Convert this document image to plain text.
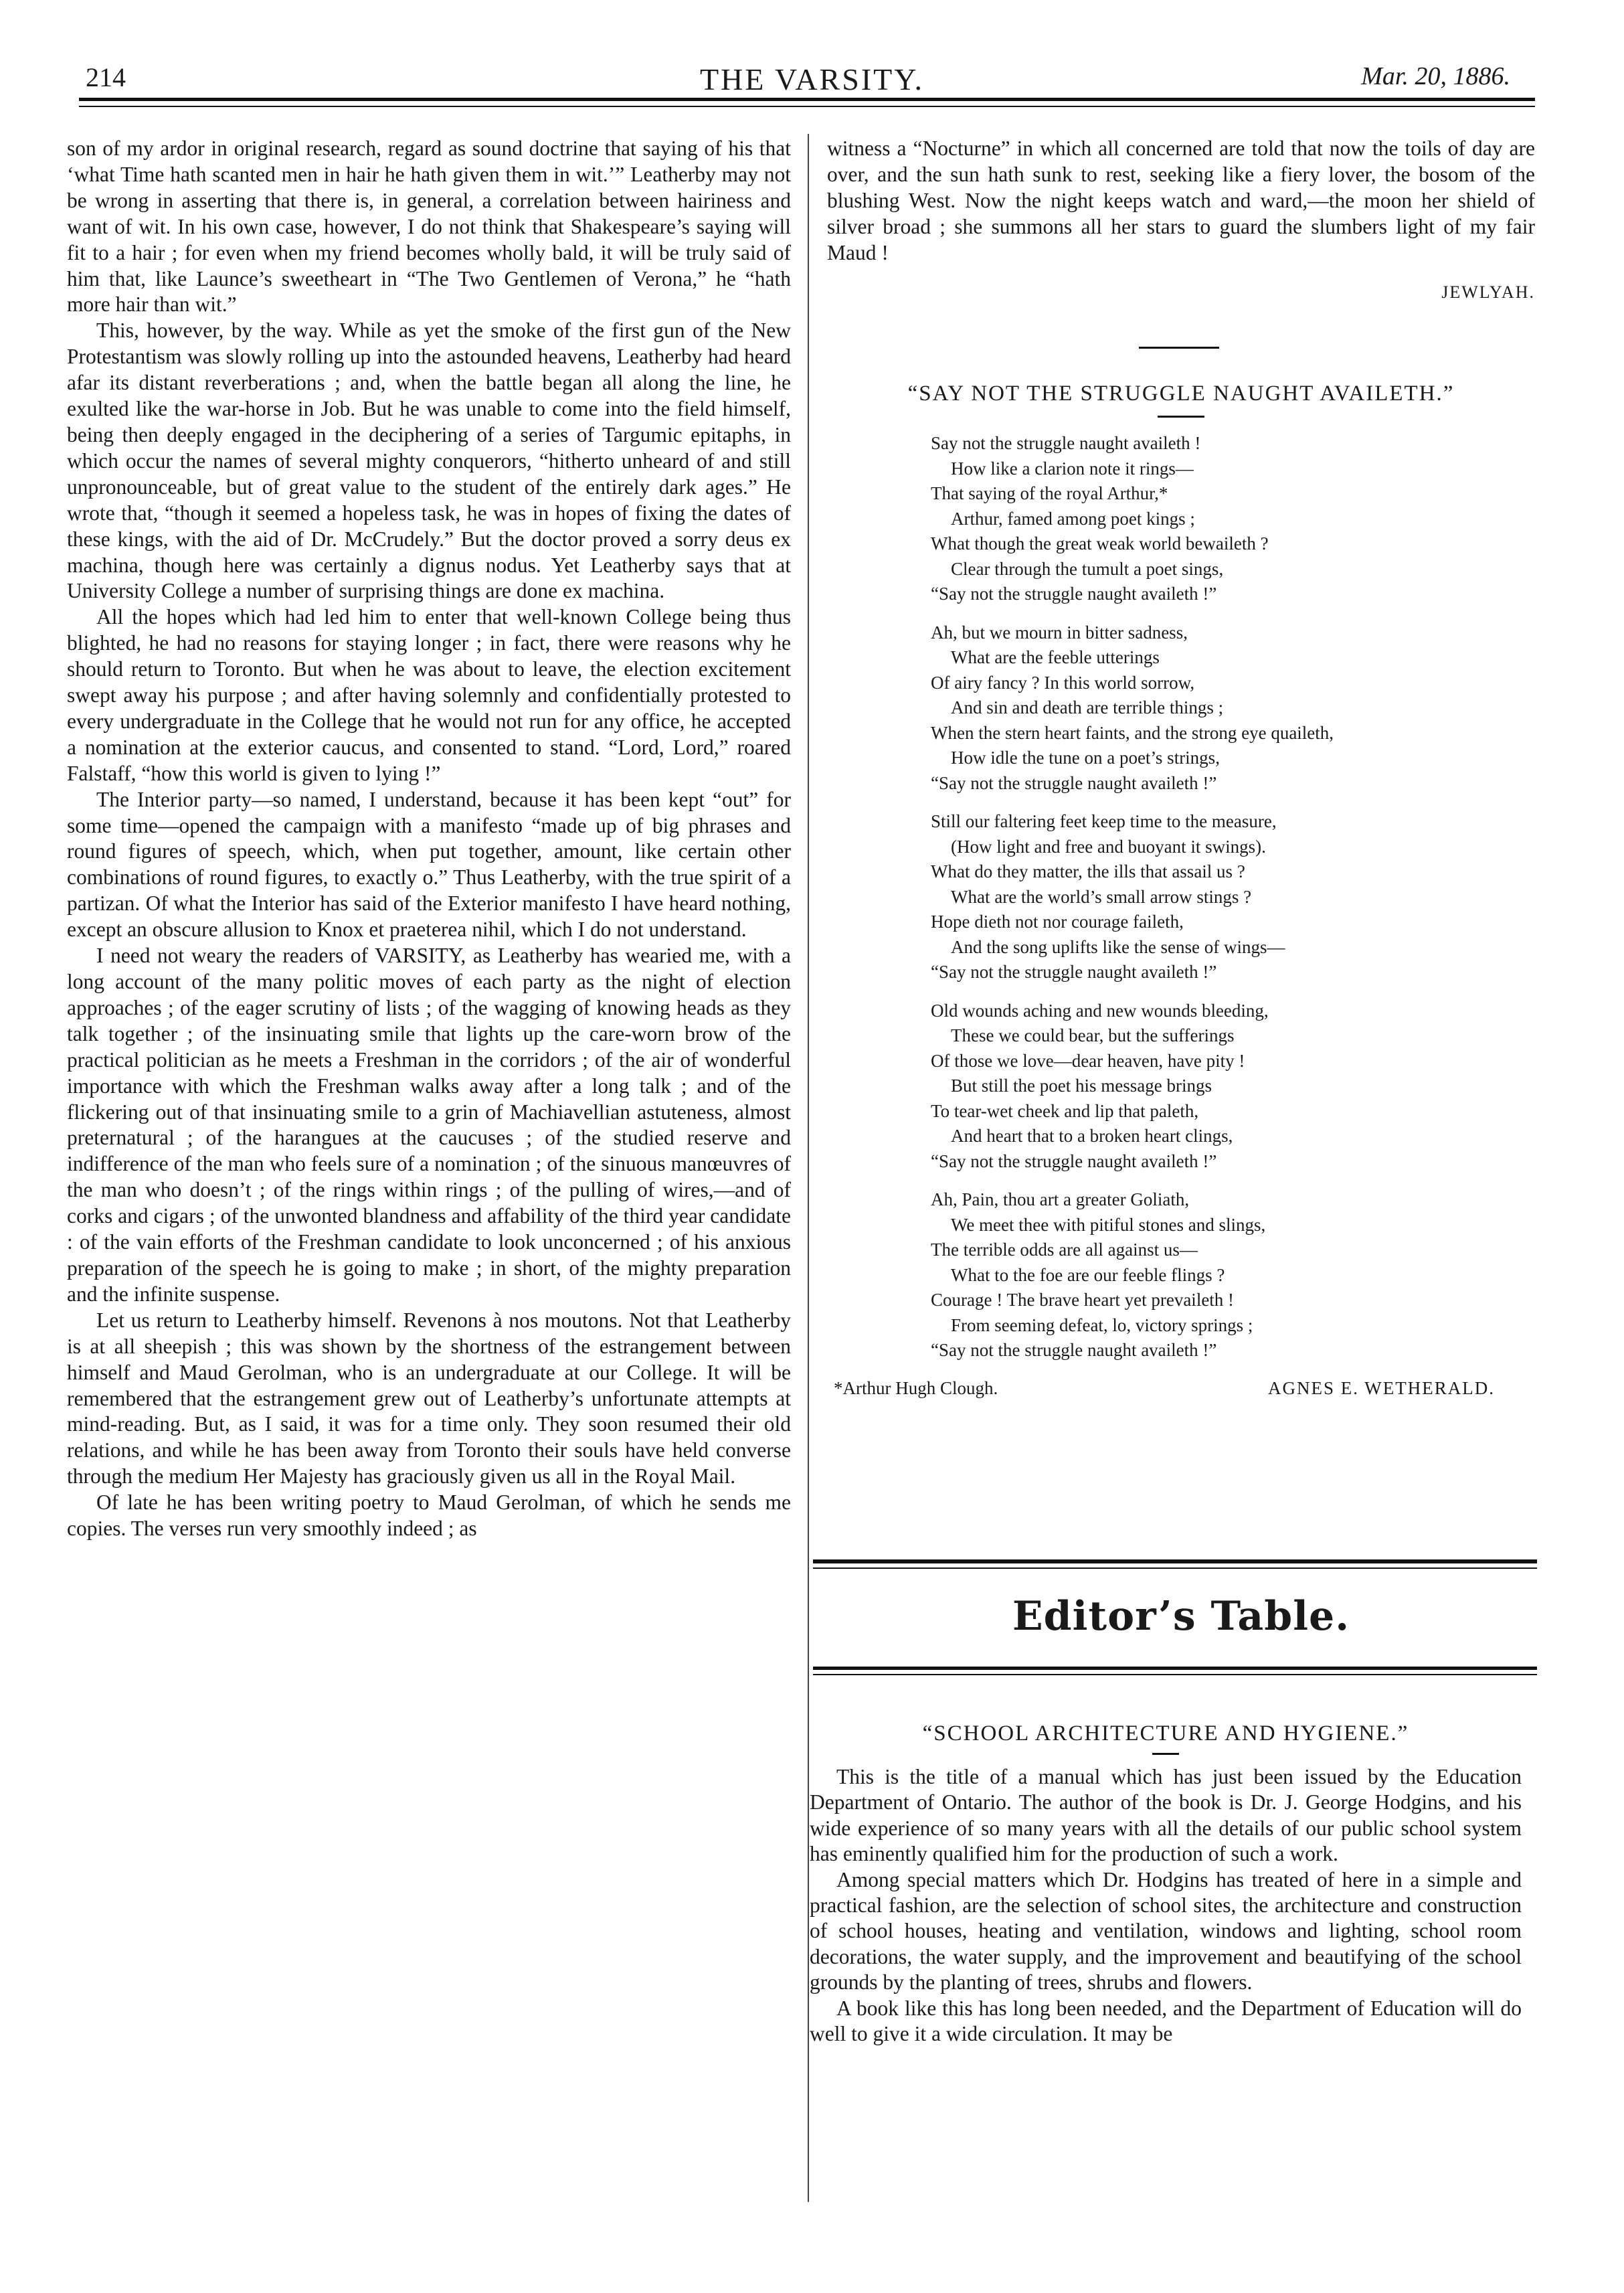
214	THE VARSITY.	Mar. 20, 1886.

son of my ardor in original research, regard as sound doctrine that saying of his that ‘what Time hath scanted men in hair he hath given them in wit.’” Leatherby may not be wrong in asserting that there is, in general, a correlation between hairiness and want of wit. In his own case, however, I do not think that Shakespeare’s saying will fit to a hair ; for even when my friend becomes wholly bald, it will be truly said of him that, like Launce’s sweetheart in “The Two Gentlemen of Verona,” he “hath more hair than wit.”

This, however, by the way. While as yet the smoke of the first gun of the New Protestantism was slowly rolling up into the astounded heavens, Leatherby had heard afar its distant reverberations ; and, when the battle began all along the line, he exulted like the war-horse in Job. But he was unable to come into the field himself, being then deeply engaged in the deciphering of a series of Targumic epitaphs, in which occur the names of several mighty conquerors, “hitherto unheard of and still unpronounceable, but of great value to the student of the entirely dark ages.” He wrote that, “though it seemed a hopeless task, he was in hopes of fixing the dates of these kings, with the aid of Dr. McCrudely.” But the doctor proved a sorry deus ex machina, though here was certainly a dignus nodus. Yet Leatherby says that at University College a number of surprising things are done ex machina.

All the hopes which had led him to enter that well-known College being thus blighted, he had no reasons for staying longer ; in fact, there were reasons why he should return to Toronto. But when he was about to leave, the election excitement swept away his purpose ; and after having solemnly and confidentially protested to every undergraduate in the College that he would not run for any office, he accepted a nomination at the exterior caucus, and consented to stand. “Lord, Lord,” roared Falstaff, “how this world is given to lying !”

The Interior party—so named, I understand, because it has been kept “out” for some time—opened the campaign with a manifesto “made up of big phrases and round figures of speech, which, when put together, amount, like certain other combinations of round figures, to exactly o.” Thus Leatherby, with the true spirit of a partizan. Of what the Interior has said of the Exterior manifesto I have heard nothing, except an obscure allusion to Knox et praeterea nihil, which I do not understand.

I need not weary the readers of VARSITY, as Leatherby has wearied me, with a long account of the many politic moves of each party as the night of election approaches ; of the eager scrutiny of lists ; of the wagging of knowing heads as they talk together ; of the insinuating smile that lights up the care-worn brow of the practical politician as he meets a Freshman in the corridors ; of the air of wonderful importance with which the Freshman walks away after a long talk ; and of the flickering out of that insinuating smile to a grin of Machiavellian astuteness, almost preternatural ; of the harangues at the caucuses ; of the studied reserve and indifference of the man who feels sure of a nomination ; of the sinuous manœuvres of the man who doesn’t ; of the rings within rings ; of the pulling of wires,—and of corks and cigars ; of the unwonted blandness and affability of the third year candidate : of the vain efforts of the Freshman candidate to look unconcerned ; of his anxious preparation of the speech he is going to make ; in short, of the mighty preparation and the infinite suspense.

Let us return to Leatherby himself. Revenons à nos moutons. Not that Leatherby is at all sheepish ; this was shown by the shortness of the estrangement between himself and Maud Gerolman, who is an undergraduate at our College. It will be remembered that the estrangement grew out of Leatherby’s unfortunate attempts at mind-reading. But, as I said, it was for a time only. They soon resumed their old relations, and while he has been away from Toronto their souls have held converse through the medium Her Majesty has graciously given us all in the Royal Mail.

Of late he has been writing poetry to Maud Gerolman, of which he sends me copies. The verses run very smoothly indeed ; as

witness a “Nocturne” in which all concerned are told that now the toils of day are over, and the sun hath sunk to rest, seeking like a fiery lover, the bosom of the blushing West. Now the night keeps watch and ward,—the moon her shield of silver broad ; she summons all her stars to guard the slumbers light of my fair Maud !

JEWLYAH.
“SAY NOT THE STRUGGLE NAUGHT AVAILETH.”
Say not the struggle naught availeth !
How like a clarion note it rings—
That saying of the royal Arthur,*
Arthur, famed among poet kings ;
What though the great weak world bewaileth ?
Clear through the tumult a poet sings,
“Say not the struggle naught availeth !”
Ah, but we mourn in bitter sadness,
What are the feeble utterings
Of airy fancy ? In this world sorrow,
And sin and death are terrible things ;
When the stern heart faints, and the strong eye quaileth,
How idle the tune on a poet’s strings,
“Say not the struggle naught availeth !”
Still our faltering feet keep time to the measure,
(How light and free and buoyant it swings).
What do they matter, the ills that assail us ?
What are the world’s small arrow stings ?
Hope dieth not nor courage faileth,
And the song uplifts like the sense of wings—
“Say not the struggle naught availeth !”
Old wounds aching and new wounds bleeding,
These we could bear, but the sufferings
Of those we love—dear heaven, have pity !
But still the poet his message brings
To tear-wet cheek and lip that paleth,
And heart that to a broken heart clings,
“Say not the struggle naught availeth !”
Ah, Pain, thou art a greater Goliath,
We meet thee with pitiful stones and slings,
The terrible odds are all against us—
What to the foe are our feeble flings ?
Courage ! The brave heart yet prevaileth !
From seeming defeat, lo, victory springs ;
“Say not the struggle naught availeth !”
*Arthur Hugh Clough.	AGNES E. WETHERALD.
Editor’s Table.
“SCHOOL ARCHITECTURE AND HYGIENE.”

This is the title of a manual which has just been issued by the Education Department of Ontario. The author of the book is Dr. J. George Hodgins, and his wide experience of so many years with all the details of our public school system has eminently qualified him for the production of such a work.

Among special matters which Dr. Hodgins has treated of here in a simple and practical fashion, are the selection of school sites, the architecture and construction of school houses, heating and ventilation, windows and lighting, school room decorations, the water supply, and the improvement and beautifying of the school grounds by the planting of trees, shrubs and flowers.

A book like this has long been needed, and the Department of Education will do well to give it a wide circulation. It may be
